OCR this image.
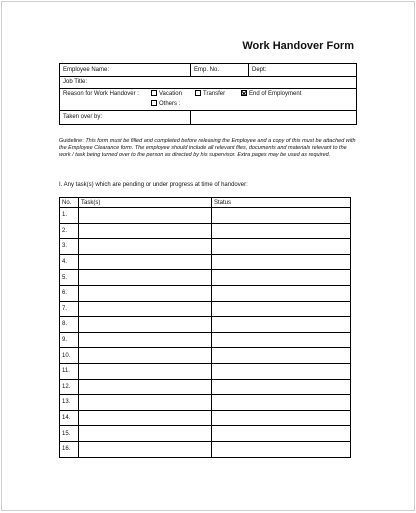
Work Handover Form
Employee Name:	Emp. No.	Dept:
Job Title:
Reason for Work Handover :	Vacation	Transfer	End of Employment
Others :
Taken over by:
Guideline: This form must be filled and completed before releasing the Employee and a copy of this must be attached with the Employee Clearance form. The employee should include all relevant files, documents and materials relevant to the work / task being turned over to the person as directed by his supervisor. Extra pages may be used as required.
I. Any task(s) which are pending or under progress at time of handover:
No.	Task(s)	Status
1.		
2.		
3.		
4.		
5.		
6.		
7.		
8.		
9.		
10.		
11.		
12.		
13.		
14.		
15.		
16.		
